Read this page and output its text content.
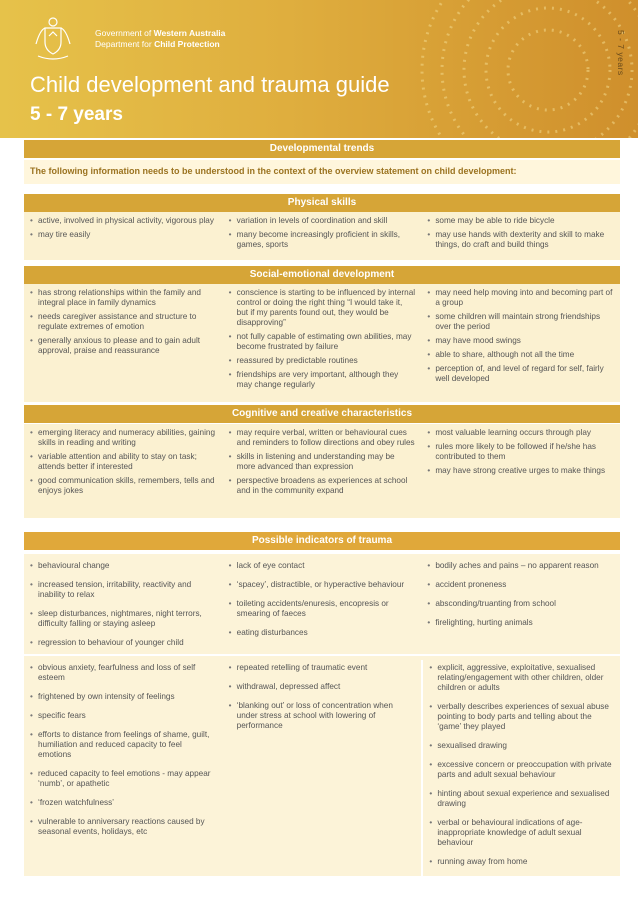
Government of Western Australia
Department for Child Protection
Child development and trauma guide
5 - 7 years
5 - 7 years
Developmental trends
The following information needs to be understood in the context of the overview statement on child development:
Physical skills
• active, involved in physical activity, vigorous play
• may tire easily
• variation in levels of coordination and skill
• many become increasingly proficient in skills, games, sports
• some may be able to ride bicycle
• may use hands with dexterity and skill to make things, do craft and build things
Social-emotional development
• has strong relationships within the family and integral place in family dynamics
• needs caregiver assistance and structure to regulate extremes of emotion
• generally anxious to please and to gain adult approval, praise and reassurance
• conscience is starting to be influenced by internal control or doing the right thing “I would take it, but if my parents found out, they would be disapproving”
• not fully capable of estimating own abilities, may become frustrated by failure
• reassured by predictable routines
• friendships are very important, although they may change regularly
• may need help moving into and becoming part of a group
• some children will maintain strong friendships over the period
• may have mood swings
• able to share, although not all the time
• perception of, and level of regard for self, fairly well developed
Cognitive and creative characteristics
• emerging literacy and numeracy abilities, gaining skills in reading and writing
• variable attention and ability to stay on task; attends better if interested
• good communication skills, remembers, tells and enjoys jokes
• may require verbal, written or behavioural cues and reminders to follow directions and obey rules
• skills in listening and understanding may be more advanced than expression
• perspective broadens as experiences at school and in the community expand
• most valuable learning occurs through play
• rules more likely to be followed if he/she has contributed to them
• may have strong creative urges to make things
Possible indicators of trauma
• behavioural change
• increased tension, irritability, reactivity and inability to relax
• sleep disturbances, nightmares, night terrors, difficulty falling or staying asleep
• regression to behaviour of younger child
• lack of eye contact
• ‘spacey’, distractible, or hyperactive behaviour
• toileting accidents/enuresis, encopresis or smearing of faeces
• eating disturbances
• bodily aches and pains – no apparent reason
• accident proneness
• absconding/truanting from school
• firelighting, hurting animals
• obvious anxiety, fearfulness and loss of self esteem
• frightened by own intensity of feelings
• specific fears
• efforts to distance from feelings of shame, guilt, humiliation and reduced capacity to feel emotions
• reduced capacity to feel emotions - may appear ‘numb’, or apathetic
• ‘frozen watchfulness’
• vulnerable to anniversary reactions caused by seasonal events, holidays, etc
• repeated retelling of traumatic event
• withdrawal, depressed affect
• ‘blanking out’ or loss of concentration when under stress at school with lowering of performance
• explicit, aggressive, exploitative, sexualised relating/engagement with other children, older children or adults
• verbally describes experiences of sexual abuse pointing to body parts and telling about the ‘game’ they played
• sexualised drawing
• excessive concern or preoccupation with private parts and adult sexual behaviour
• hinting about sexual experience and sexualised drawing
• verbal or behavioural indications of age-inappropriate knowledge of adult sexual behaviour
• running away from home
